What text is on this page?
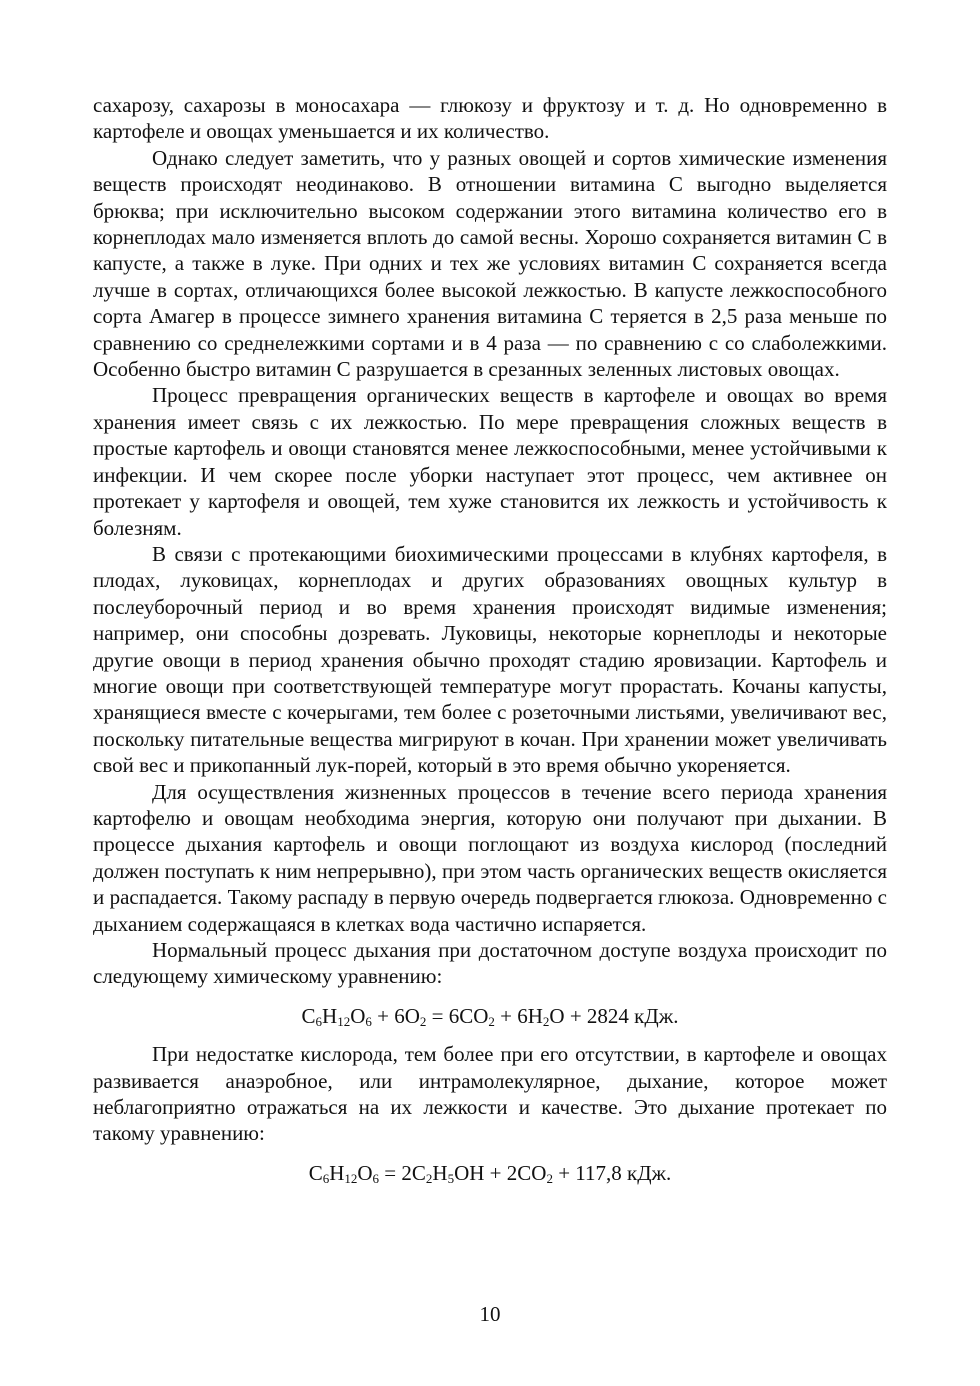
сахарозу, сахарозы в моносахара — глюкозу и фруктозу и т. д. Но одновременно в картофеле и овощах уменьшается и их количество.

Однако следует заметить, что у разных овощей и сортов химические изменения веществ происходят неодинаково. В отношении витамина С выгодно выделяется брюква; при исключительно высоком содержании этого витамина количество его в корнеплодах мало изменяется вплоть до самой весны. Хорошо сохраняется витамин С в капусте, а также в луке. При одних и тех же условиях витамин С сохраняется всегда лучше в сортах, отличающихся более высокой лежкостью. В капусте лежкоспособного сорта Амагер в процессе зимнего хранения витамина С теряется в 2,5 раза меньше по сравнению со среднележкими сортами и в 4 раза — по сравнению с со слаболежкими. Особенно быстро витамин С разрушается в срезанных зеленных листовых овощах.

Процесс превращения органических веществ в картофеле и овощах во время хранения имеет связь с их лежкостью. По мере превращения сложных веществ в простые картофель и овощи становятся менее лежкоспособными, менее устойчивыми к инфекции. И чем скорее после уборки наступает этот процесс, чем активнее он протекает у картофеля и овощей, тем хуже становится их лежкость и устойчивость к болезням.

В связи с протекающими биохимическими процессами в клубнях картофеля, в плодах, луковицах, корнеплодах и других образованиях овощных культур в послеуборочный период и во время хранения происходят видимые изменения; например, они способны дозревать. Луковицы, некоторые корнеплоды и некоторые другие овощи в период хранения обычно проходят стадию яровизации. Картофель и многие овощи при соответствующей температуре могут прорастать. Кочаны капусты, хранящиеся вместе с кочерыгами, тем более с розеточными листьями, увеличивают вес, поскольку питательные вещества мигрируют в кочан. При хранении может увеличивать свой вес и прикопанный лук-порей, который в это время обычно укореняется.

Для осуществления жизненных процессов в течение всего периода хранения картофелю и овощам необходима энергия, которую они получают при дыхании. В процессе дыхания картофель и овощи поглощают из воздуха кислород (последний должен поступать к ним непрерывно), при этом часть органических веществ окисляется и распадается. Такому распаду в первую очередь подвергается глюкоза. Одновременно с дыханием содержащаяся в клетках вода частично испаряется.

Нормальный процесс дыхания при достаточном доступе воздуха происходит по следующему химическому уравнению:

$C_6H_{12}O_6 + 6O_2 = 6CO_2 + 6H_2O + 2824$ кДж.

При недостатке кислорода, тем более при его отсутствии, в картофеле и овощах развивается анаэробное, или интрамолекулярное, дыхание, которое может неблагоприятно отражаться на их лежкости и качестве. Это дыхание протекает по такому уравнению:

$C_6H_{12}O_6 = 2C_2H_5OH + 2CO_2 + 117,8$ кДж.
10
